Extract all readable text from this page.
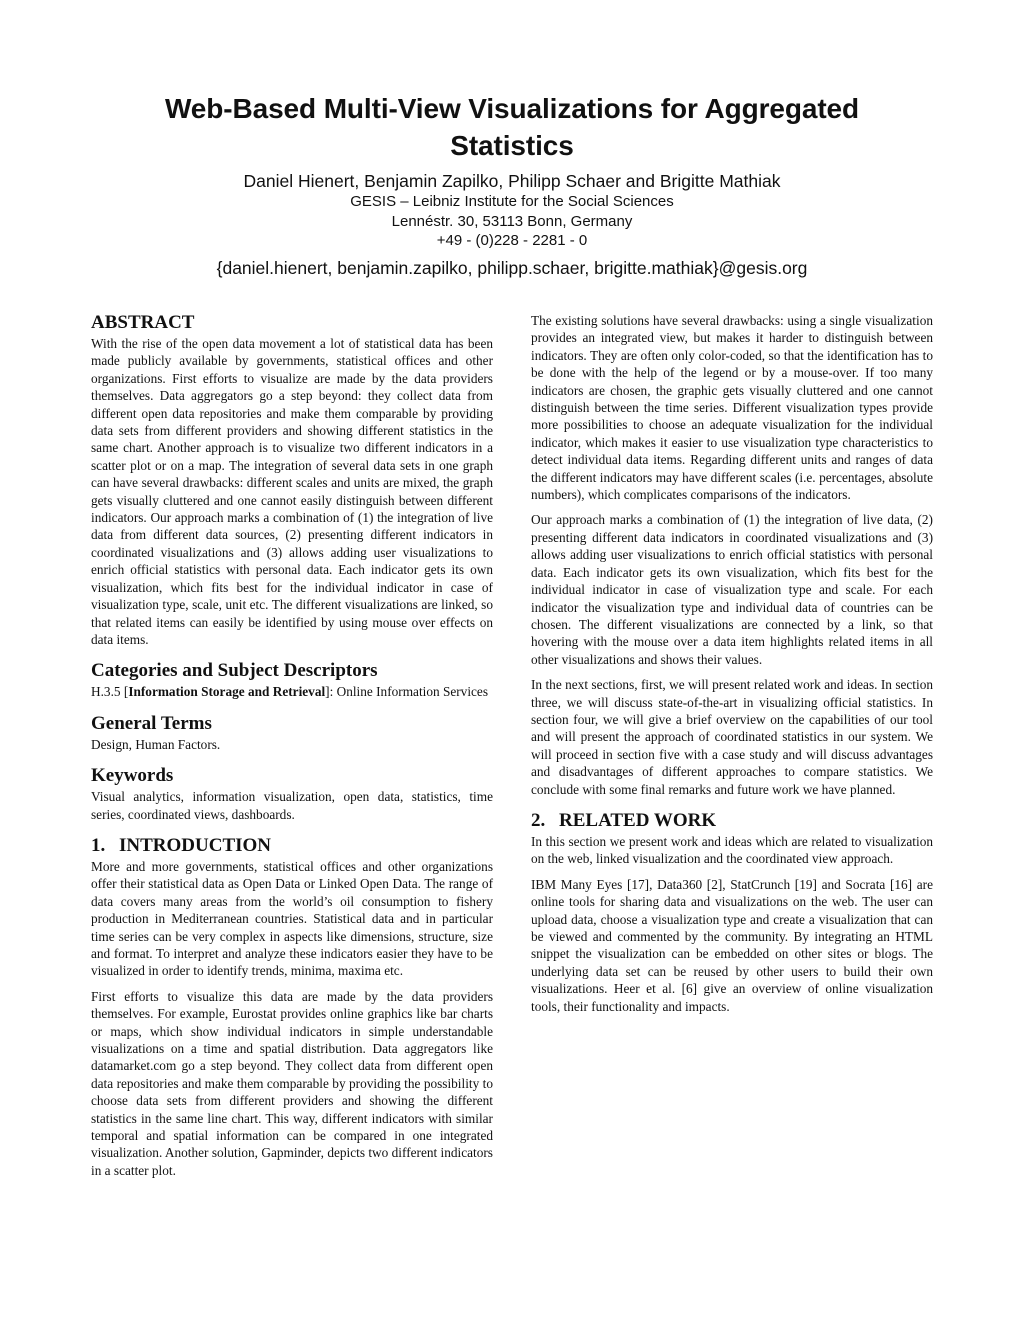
Web-Based Multi-View Visualizations for Aggregated Statistics
Daniel Hienert, Benjamin Zapilko, Philipp Schaer and Brigitte Mathiak
GESIS – Leibniz Institute for the Social Sciences
Lennéstr. 30, 53113 Bonn, Germany
+49 - (0)228 - 2281 - 0
{daniel.hienert, benjamin.zapilko, philipp.schaer, brigitte.mathiak}@gesis.org
ABSTRACT

With the rise of the open data movement a lot of statistical data has been made publicly available by governments, statistical offices and other organizations. First efforts to visualize are made by the data providers themselves. Data aggregators go a step beyond: they collect data from different open data repositories and make them comparable by providing data sets from different providers and showing different statistics in the same chart. Another approach is to visualize two different indicators in a scatter plot or on a map. The integration of several data sets in one graph can have several drawbacks: different scales and units are mixed, the graph gets visually cluttered and one cannot easily distinguish between different indicators. Our approach marks a combination of (1) the integration of live data from different data sources, (2) presenting different indicators in coordinated visualizations and (3) allows adding user visualizations to enrich official statistics with personal data. Each indicator gets its own visualization, which fits best for the individual indicator in case of visualization type, scale, unit etc. The different visualizations are linked, so that related items can easily be identified by using mouse over effects on data items.

Categories and Subject Descriptors

H.3.5 [Information Storage and Retrieval]: Online Information Services

General Terms

Design, Human Factors.

Keywords

Visual analytics, information visualization, open data, statistics, time series, coordinated views, dashboards.

1. INTRODUCTION

More and more governments, statistical offices and other organizations offer their statistical data as Open Data or Linked Open Data. The range of data covers many areas from the world’s oil consumption to fishery production in Mediterranean countries. Statistical data and in particular time series can be very complex in aspects like dimensions, structure, size and format. To interpret and analyze these indicators easier they have to be visualized in order to identify trends, minima, maxima etc.

First efforts to visualize this data are made by the data providers themselves. For example, Eurostat provides online graphics like bar charts or maps, which show individual indicators in simple understandable visualizations on a time and spatial distribution. Data aggregators like datamarket.com go a step beyond. They collect data from different open data repositories and make them comparable by providing the possibility to choose data sets from different providers and showing the different statistics in the same line chart. This way, different indicators with similar temporal and spatial information can be compared in one integrated visualization. Another solution, Gapminder, depicts two different indicators in a scatter plot.

The existing solutions have several drawbacks: using a single visualization provides an integrated view, but makes it harder to distinguish between indicators. They are often only color-coded, so that the identification has to be done with the help of the legend or by a mouse-over. If too many indicators are chosen, the graphic gets visually cluttered and one cannot distinguish between the time series. Different visualization types provide more possibilities to choose an adequate visualization for the individual indicator, which makes it easier to use visualization type characteristics to detect individual data items. Regarding different units and ranges of data the different indicators may have different scales (i.e. percentages, absolute numbers), which complicates comparisons of the indicators.

Our approach marks a combination of (1) the integration of live data, (2) presenting different data indicators in coordinated visualizations and (3) allows adding user visualizations to enrich official statistics with personal data. Each indicator gets its own visualization, which fits best for the individual indicator in case of visualization type and scale. For each indicator the visualization type and individual data of countries can be chosen. The different visualizations are connected by a link, so that hovering with the mouse over a data item highlights related items in all other visualizations and shows their values.

In the next sections, first, we will present related work and ideas. In section three, we will discuss state-of-the-art in visualizing official statistics. In section four, we will give a brief overview on the capabilities of our tool and will present the approach of coordinated statistics in our system. We will proceed in section five with a case study and will discuss advantages and disadvantages of different approaches to compare statistics. We conclude with some final remarks and future work we have planned.

2. RELATED WORK

In this section we present work and ideas which are related to visualization on the web, linked visualization and the coordinated view approach.

IBM Many Eyes [17], Data360 [2], StatCrunch [19] and Socrata [16] are online tools for sharing data and visualizations on the web. The user can upload data, choose a visualization type and create a visualization that can be viewed and commented by the community. By integrating an HTML snippet the visualization can be embedded on other sites or blogs. The underlying data set can be reused by other users to build their own visualizations. Heer et al. [6] give an overview of online visualization tools, their functionality and impacts.
